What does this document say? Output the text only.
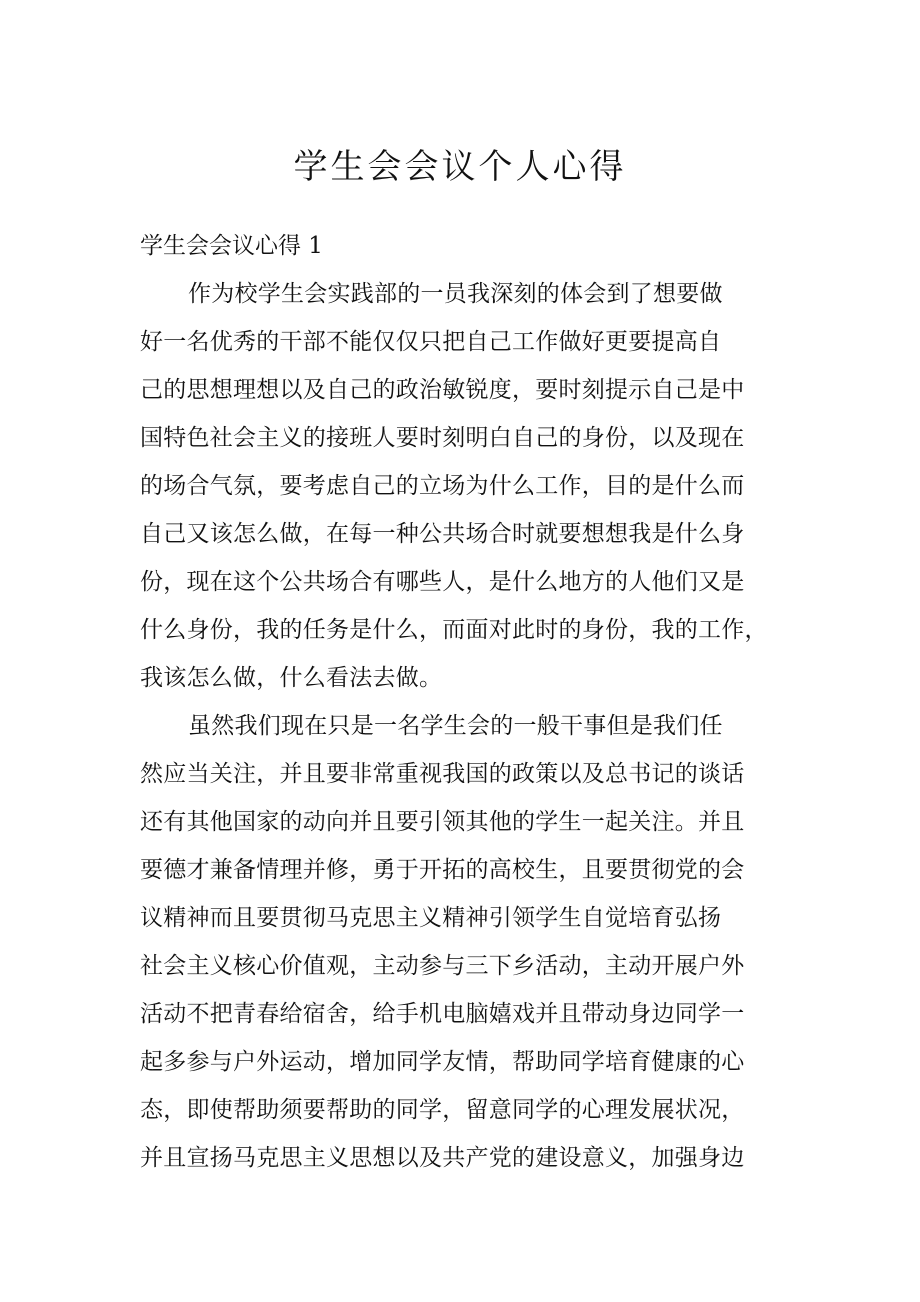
学生会会议个人心得

学生会会议心得 1

作为校学生会实践部的一员我深刻的体会到了想要做
好一名优秀的干部不能仅仅只把自己工作做好更要提高自
己的思想理想以及自己的政治敏锐度，要时刻提示自己是中
国特色社会主义的接班人要时刻明白自己的身份，以及现在
的场合气氛，要考虑自己的立场为什么工作，目的是什么而
自己又该怎么做，在每一种公共场合时就要想想我是什么身
份，现在这个公共场合有哪些人，是什么地方的人他们又是
什么身份，我的任务是什么，而面对此时的身份，我的工作，
我该怎么做，什么看法去做。
虽然我们现在只是一名学生会的一般干事但是我们任
然应当关注，并且要非常重视我国的政策以及总书记的谈话
还有其他国家的动向并且要引领其他的学生一起关注。并且
要德才兼备情理并修，勇于开拓的高校生，且要贯彻党的会
议精神而且要贯彻马克思主义精神引领学生自觉培育弘扬
社会主义核心价值观，主动参与三下乡活动，主动开展户外
活动不把青春给宿舍，给手机电脑嬉戏并且带动身边同学一
起多参与户外运动，增加同学友情，帮助同学培育健康的心
态，即使帮助须要帮助的同学，留意同学的心理发展状况，
并且宣扬马克思主义思想以及共产党的建设意义，加强身边
